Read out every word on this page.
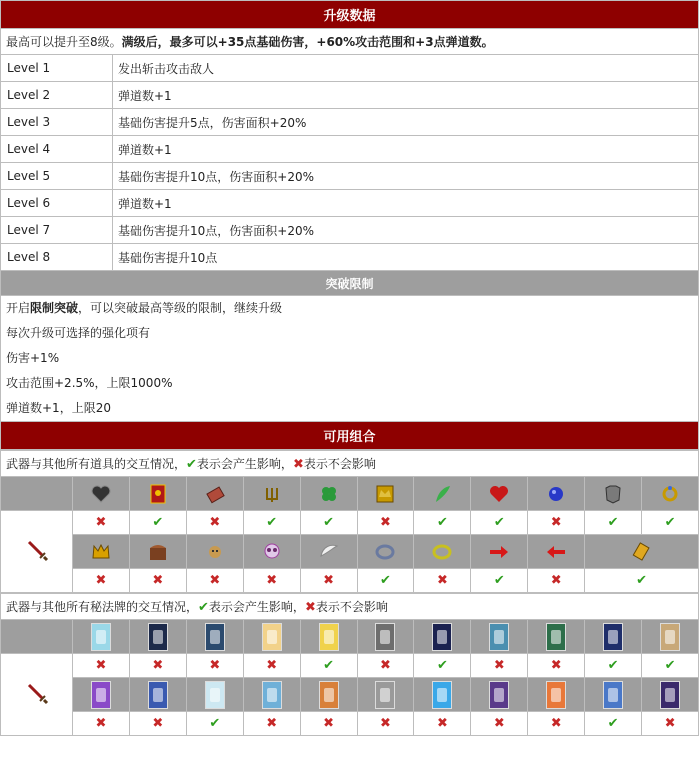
升级数据	
最高可以提升至8级。满级后，最多可以+35点基础伤害，+60%攻击范围和+3点弹道数。	
Level 1	发出斩击攻击敌人
Level 2	弹道数+1
Level 3	基础伤害提升5点，伤害面积+20%
Level 4	弹道数+1
Level 5	基础伤害提升10点，伤害面积+20%
Level 6	弹道数+1
Level 7	基础伤害提升10点，伤害面积+20%
Level 8	基础伤害提升10点
突破限制	

开启限制突破，可以突破最高等级的限制，继续升级
每次升级可选择的强化项有
伤害+1%
攻击范围+2.5%，上限1000%
弹道数+1，上限20	

可用组合	
武器与其他所有道具的交互情况，✔表示会产生影响，✖表示不会影响											

	✖	✔	✖	✔	✔	✖	✔	✔	✖	✔	✔

	✖	✖	✖	✖	✖	✔	✖	✔	✖	✔	
武器与其他所有秘法牌的交互情况，✔表示会产生影响，✖表示不会影响											

	✖	✖	✖	✖	✔	✖	✔	✖	✖	✔	✔

	✖	✖	✔	✖	✖	✖	✖	✖	✖	✔	✖
